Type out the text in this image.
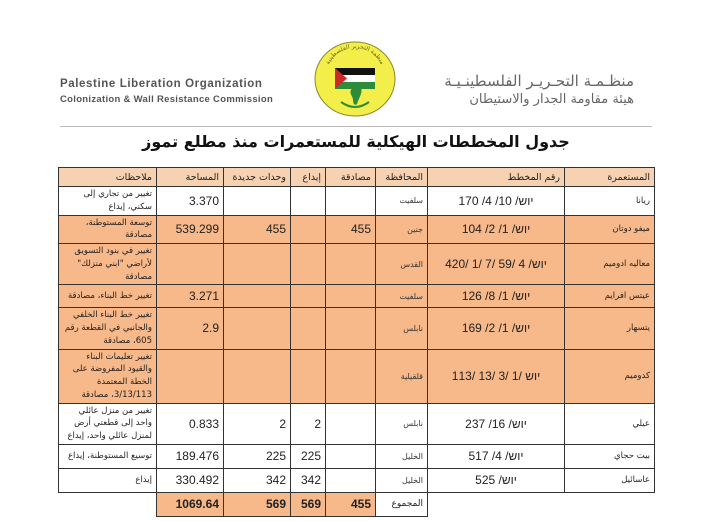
Palestine Liberation Organization
Colonization & Wall Resistance Commission
منظمة التحرير الفلسطينية
منظـمـة التحـريـر الفلسطينـيـة
هيئة مقاومة الجدار والاستيطان
جدول المخططات الهيكلية للمستعمرات منذ مطلع تموز
المستعمرة	رقم المخطط	المحافظة	مصادقة	إيداع	وحدات جديدة	المساحة	ملاحظات
ريانا	170 /4 /10 /יוש	سلفيت				3.370	تغيير من تجاري إلى سكني، إيداع
ميفو دوتان	104 /2 /1 /יוש	جنين	455		455	539.299	توسعة المستوطنة، مصادقة
معاليه ادوميم	420/ 1/ 7/ 59/ 4 /יוש	القدس					تغيير في بنود التسويق لأراضي "ابني منزلك" مصادقة
عيتس افرايم	126 /8 /1 /יוש	سلفيت				3.271	تغيير خط البناء، مصادقة
يتسهار	169 /2 /1 /יוש	نابلس				2.9	تغيير خط البناء الخلفي والجانبي في القطعة رقم 605، مصادقة
كدوميم	113/ 13/ 3/ 1/ יוש	قلقيلية					تغيير تعليمات البناء والقيود المفروضة على الخطة المعتمدة 3/13/113، مصادقة
عيلي	237 /16 /יוש	نابلس		2	2	0.833	تغيير من منزل عائلي واحد إلى قطعتي أرض لمنزل عائلي واحد، إيداع
بيت حجاي	517 /4 /יוש	الخليل		225	225	189.476	توسيع المستوطنة، إيداع
عاسائيل	525 /יוש	الخليل		342	342	330.492	إيداع
		المجموع	455	569	569	1069.64	
